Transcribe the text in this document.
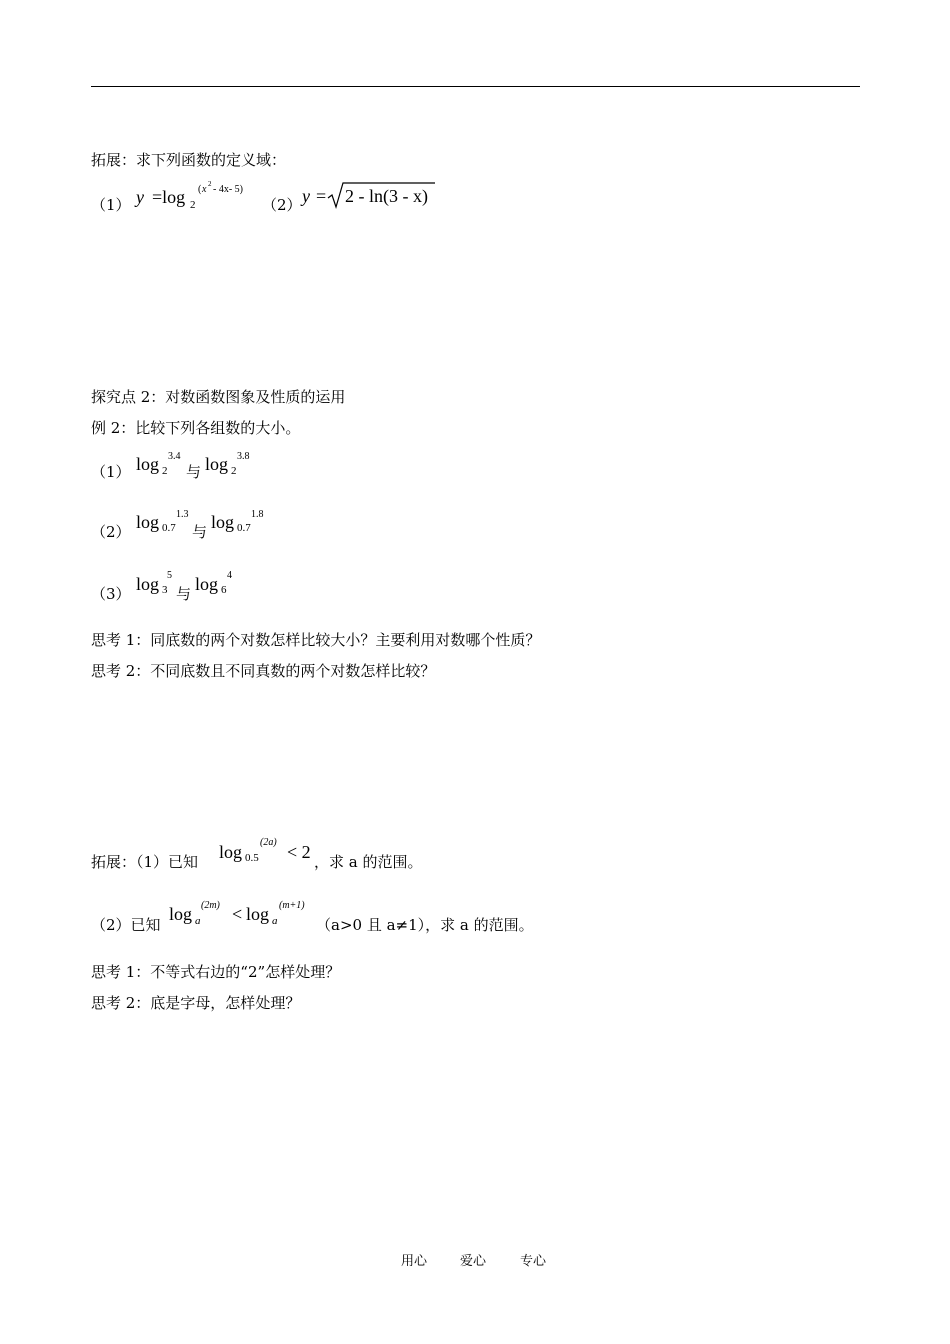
拓展：求下列函数的定义域：
（1） y =log 2
( x 2 - 4x- 5)
（2） y = 2 - ln(3 - x)
探究点 2：对数函数图象及性质的运用
例 2：比较下列各组数的大小。
（1） log 2
3.4
与 log 2
3.8
（2） log 0.7
1.3
与 log 0.7
1.8
（3） log 3
5
与 log 6
4
思考 1：同底数的两个对数怎样比较大小？主要利用对数哪个性质？
思考 2：不同底数且不同真数的两个对数怎样比较？
拓展：（1）已知 log 0.5
(2a) < 2 ，求 a 的范围。
（2）已知
log a
(2m) < log a
(m+1)
（a>0 且 a≠1），求 a 的范围。
思考 1：不等式右边的“2”怎样处理？
思考 2：底是字母，怎样处理？
用心	爱心	专心
